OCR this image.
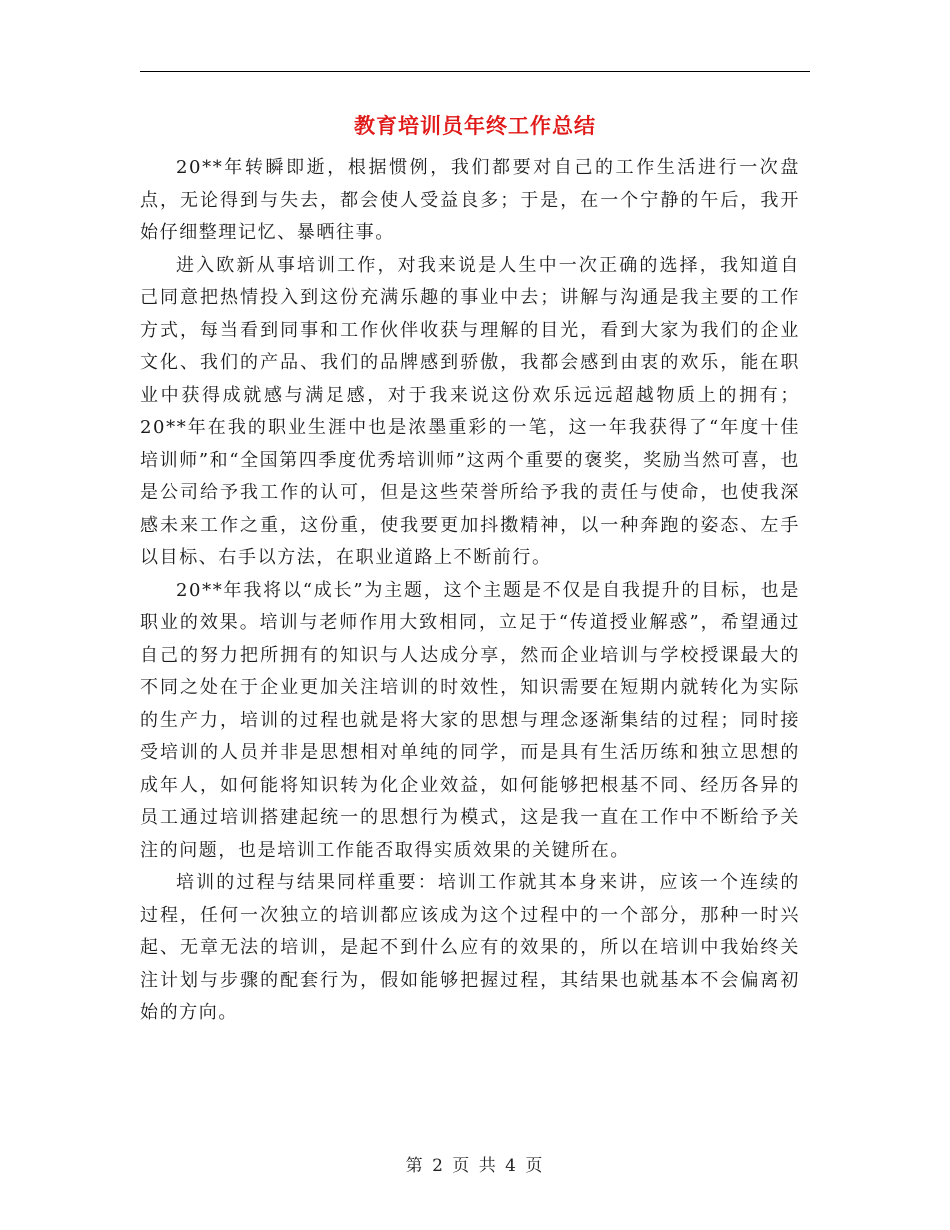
教育培训员年终工作总结

20**年转瞬即逝，根据惯例，我们都要对自己的工作生活进行一次盘点，无论得到与失去，都会使人受益良多；于是，在一个宁静的午后，我开始仔细整理记忆、暴晒往事。

进入欧新从事培训工作，对我来说是人生中一次正确的选择，我知道自己同意把热情投入到这份充满乐趣的事业中去；讲解与沟通是我主要的工作方式，每当看到同事和工作伙伴收获与理解的目光，看到大家为我们的企业文化、我们的产品、我们的品牌感到骄傲，我都会感到由衷的欢乐，能在职业中获得成就感与满足感，对于我来说这份欢乐远远超越物质上的拥有；20**年在我的职业生涯中也是浓墨重彩的一笔，这一年我获得了“年度十佳培训师”和“全国第四季度优秀培训师”这两个重要的褒奖，奖励当然可喜，也是公司给予我工作的认可，但是这些荣誉所给予我的责任与使命，也使我深感未来工作之重，这份重，使我要更加抖擞精神，以一种奔跑的姿态、左手以目标、右手以方法，在职业道路上不断前行。

20**年我将以“成长”为主题，这个主题是不仅是自我提升的目标，也是职业的效果。培训与老师作用大致相同，立足于“传道授业解惑”，希望通过自己的努力把所拥有的知识与人达成分享，然而企业培训与学校授课最大的不同之处在于企业更加关注培训的时效性，知识需要在短期内就转化为实际的生产力，培训的过程也就是将大家的思想与理念逐渐集结的过程；同时接受培训的人员并非是思想相对单纯的同学，而是具有生活历练和独立思想的成年人，如何能将知识转为化企业效益，如何能够把根基不同、经历各异的员工通过培训搭建起统一的思想行为模式，这是我一直在工作中不断给予关注的问题，也是培训工作能否取得实质效果的关键所在。

培训的过程与结果同样重要：培训工作就其本身来讲，应该一个连续的过程，任何一次独立的培训都应该成为这个过程中的一个部分，那种一时兴起、无章无法的培训，是起不到什么应有的效果的，所以在培训中我始终关注计划与步骤的配套行为，假如能够把握过程，其结果也就基本不会偏离初始的方向。

第 2 页 共 4 页
